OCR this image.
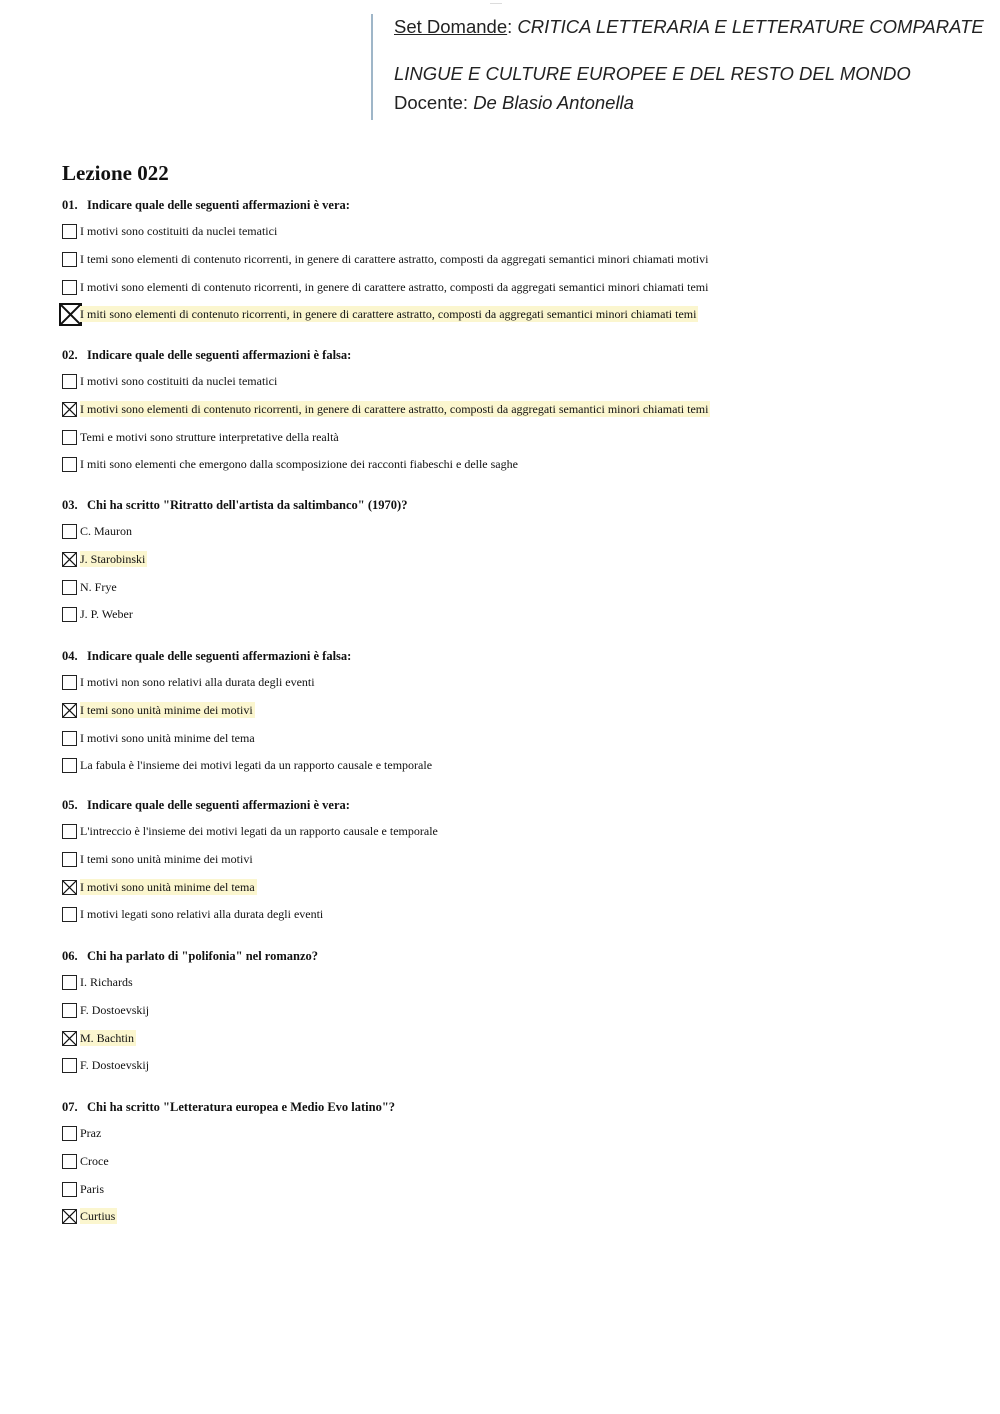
———
Set Domande: CRITICA LETTERARIA E LETTERATURE COMPARATE
LINGUE E CULTURE EUROPEE E DEL RESTO DEL MONDO
Docente: De Blasio Antonella
Lezione 022
01. Indicare quale delle seguenti affermazioni è vera:
I motivi sono costituiti da nuclei tematici
I temi sono elementi di contenuto ricorrenti, in genere di carattere astratto, composti da aggregati semantici minori chiamati motivi
I motivi sono elementi di contenuto ricorrenti, in genere di carattere astratto, composti da aggregati semantici minori chiamati temi
I miti sono elementi di contenuto ricorrenti, in genere di carattere astratto, composti da aggregati semantici minori chiamati temi
02. Indicare quale delle seguenti affermazioni è falsa:
I motivi sono costituiti da nuclei tematici
I motivi sono elementi di contenuto ricorrenti, in genere di carattere astratto, composti da aggregati semantici minori chiamati temi
Temi e motivi sono strutture interpretative della realtà
I miti sono elementi che emergono dalla scomposizione dei racconti fiabeschi e delle saghe
03. Chi ha scritto "Ritratto dell'artista da saltimbanco" (1970)?
C. Mauron
J. Starobinski
N. Frye
J. P. Weber
04. Indicare quale delle seguenti affermazioni è falsa:
I motivi non sono relativi alla durata degli eventi
I temi sono unità minime dei motivi
I motivi sono unità minime del tema
La fabula è l'insieme dei motivi legati da un rapporto causale e temporale
05. Indicare quale delle seguenti affermazioni è vera:
L'intreccio è l'insieme dei motivi legati da un rapporto causale e temporale
I temi sono unità minime dei motivi
I motivi sono unità minime del tema
I motivi legati sono relativi alla durata degli eventi
06. Chi ha parlato di "polifonia" nel romanzo?
I. Richards
F. Dostoevskij
M. Bachtin
F. Dostoevskij
07. Chi ha scritto "Letteratura europea e Medio Evo latino"?
Praz
Croce
Paris
Curtius
